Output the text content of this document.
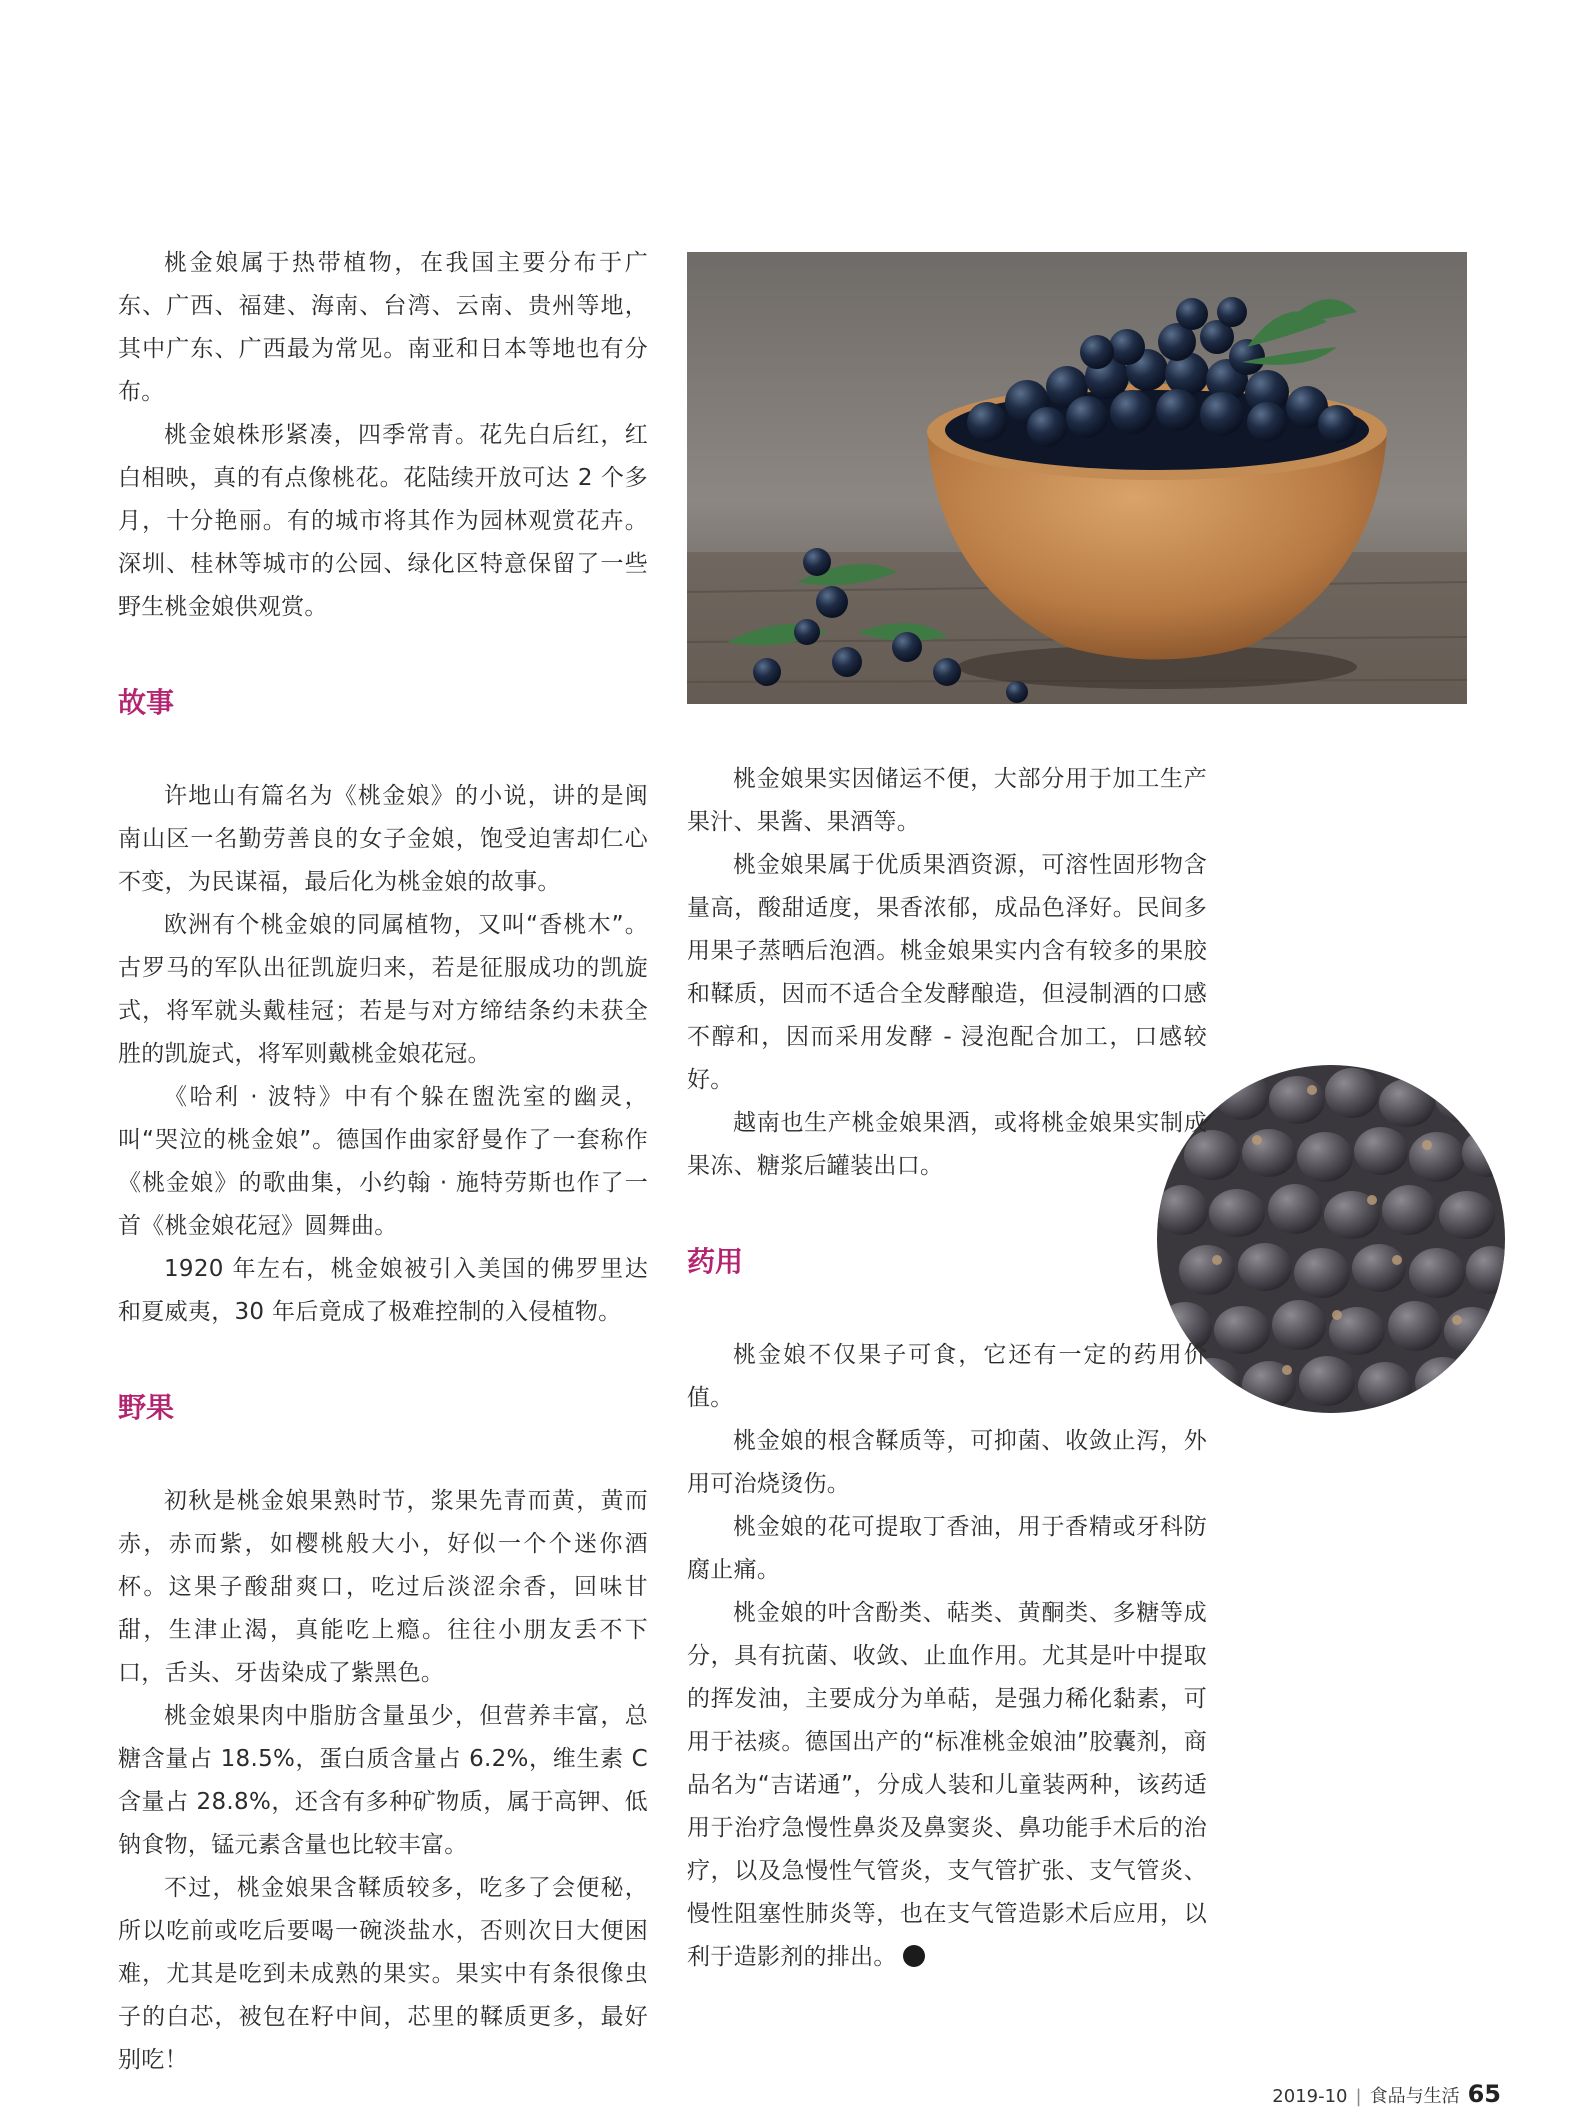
桃金娘属于热带植物，在我国主要分布于广东、广西、福建、海南、台湾、云南、贵州等地，其中广东、广西最为常见。南亚和日本等地也有分布。

桃金娘株形紧凑，四季常青。花先白后红，红白相映，真的有点像桃花。花陆续开放可达 2 个多月，十分艳丽。有的城市将其作为园林观赏花卉。深圳、桂林等城市的公园、绿化区特意保留了一些野生桃金娘供观赏。

故事

许地山有篇名为《桃金娘》的小说，讲的是闽南山区一名勤劳善良的女子金娘，饱受迫害却仁心不变，为民谋福，最后化为桃金娘的故事。

欧洲有个桃金娘的同属植物，又叫“香桃木”。古罗马的军队出征凯旋归来，若是征服成功的凯旋式，将军就头戴桂冠；若是与对方缔结条约未获全胜的凯旋式，将军则戴桃金娘花冠。

《哈利 · 波特》中有个躲在盥洗室的幽灵，叫“哭泣的桃金娘”。德国作曲家舒曼作了一套称作《桃金娘》的歌曲集，小约翰 · 施特劳斯也作了一首《桃金娘花冠》圆舞曲。

1920 年左右，桃金娘被引入美国的佛罗里达和夏威夷，30 年后竟成了极难控制的入侵植物。

野果

初秋是桃金娘果熟时节，浆果先青而黄，黄而赤，赤而紫，如樱桃般大小，好似一个个迷你酒杯。这果子酸甜爽口，吃过后淡涩余香，回味甘甜，生津止渴，真能吃上瘾。往往小朋友丢不下口，舌头、牙齿染成了紫黑色。

桃金娘果肉中脂肪含量虽少，但营养丰富，总糖含量占 18.5%，蛋白质含量占 6.2%，维生素 C 含量占 28.8%，还含有多种矿物质，属于高钾、低钠食物，锰元素含量也比较丰富。

不过，桃金娘果含鞣质较多，吃多了会便秘，所以吃前或吃后要喝一碗淡盐水，否则次日大便困难，尤其是吃到未成熟的果实。果实中有条很像虫子的白芯，被包在籽中间，芯里的鞣质更多，最好别吃！

桃金娘果实因储运不便，大部分用于加工生产果汁、果酱、果酒等。

桃金娘果属于优质果酒资源，可溶性固形物含量高，酸甜适度，果香浓郁，成品色泽好。民间多用果子蒸晒后泡酒。桃金娘果实内含有较多的果胶和鞣质，因而不适合全发酵酿造，但浸制酒的口感不醇和，因而采用发酵 - 浸泡配合加工，口感较好。

越南也生产桃金娘果酒，或将桃金娘果实制成果冻、糖浆后罐装出口。

药用

桃金娘不仅果子可食，它还有一定的药用价值。

桃金娘的根含鞣质等，可抑菌、收敛止泻，外用可治烧烫伤。

桃金娘的花可提取丁香油，用于香精或牙科防腐止痛。

桃金娘的叶含酚类、萜类、黄酮类、多糖等成分，具有抗菌、收敛、止血作用。尤其是叶中提取的挥发油，主要成分为单萜，是强力稀化黏素，可用于祛痰。德国出产的“标准桃金娘油”胶囊剂，商品名为“吉诺通”，分成人装和儿童装两种，该药适用于治疗急慢性鼻炎及鼻窦炎、鼻功能手术后的治疗，以及急慢性气管炎，支气管扩张、支气管炎、慢性阻塞性肺炎等，也在支气管造影术后应用，以利于造影剂的排出。

2019-10 | 食品与生活 65
